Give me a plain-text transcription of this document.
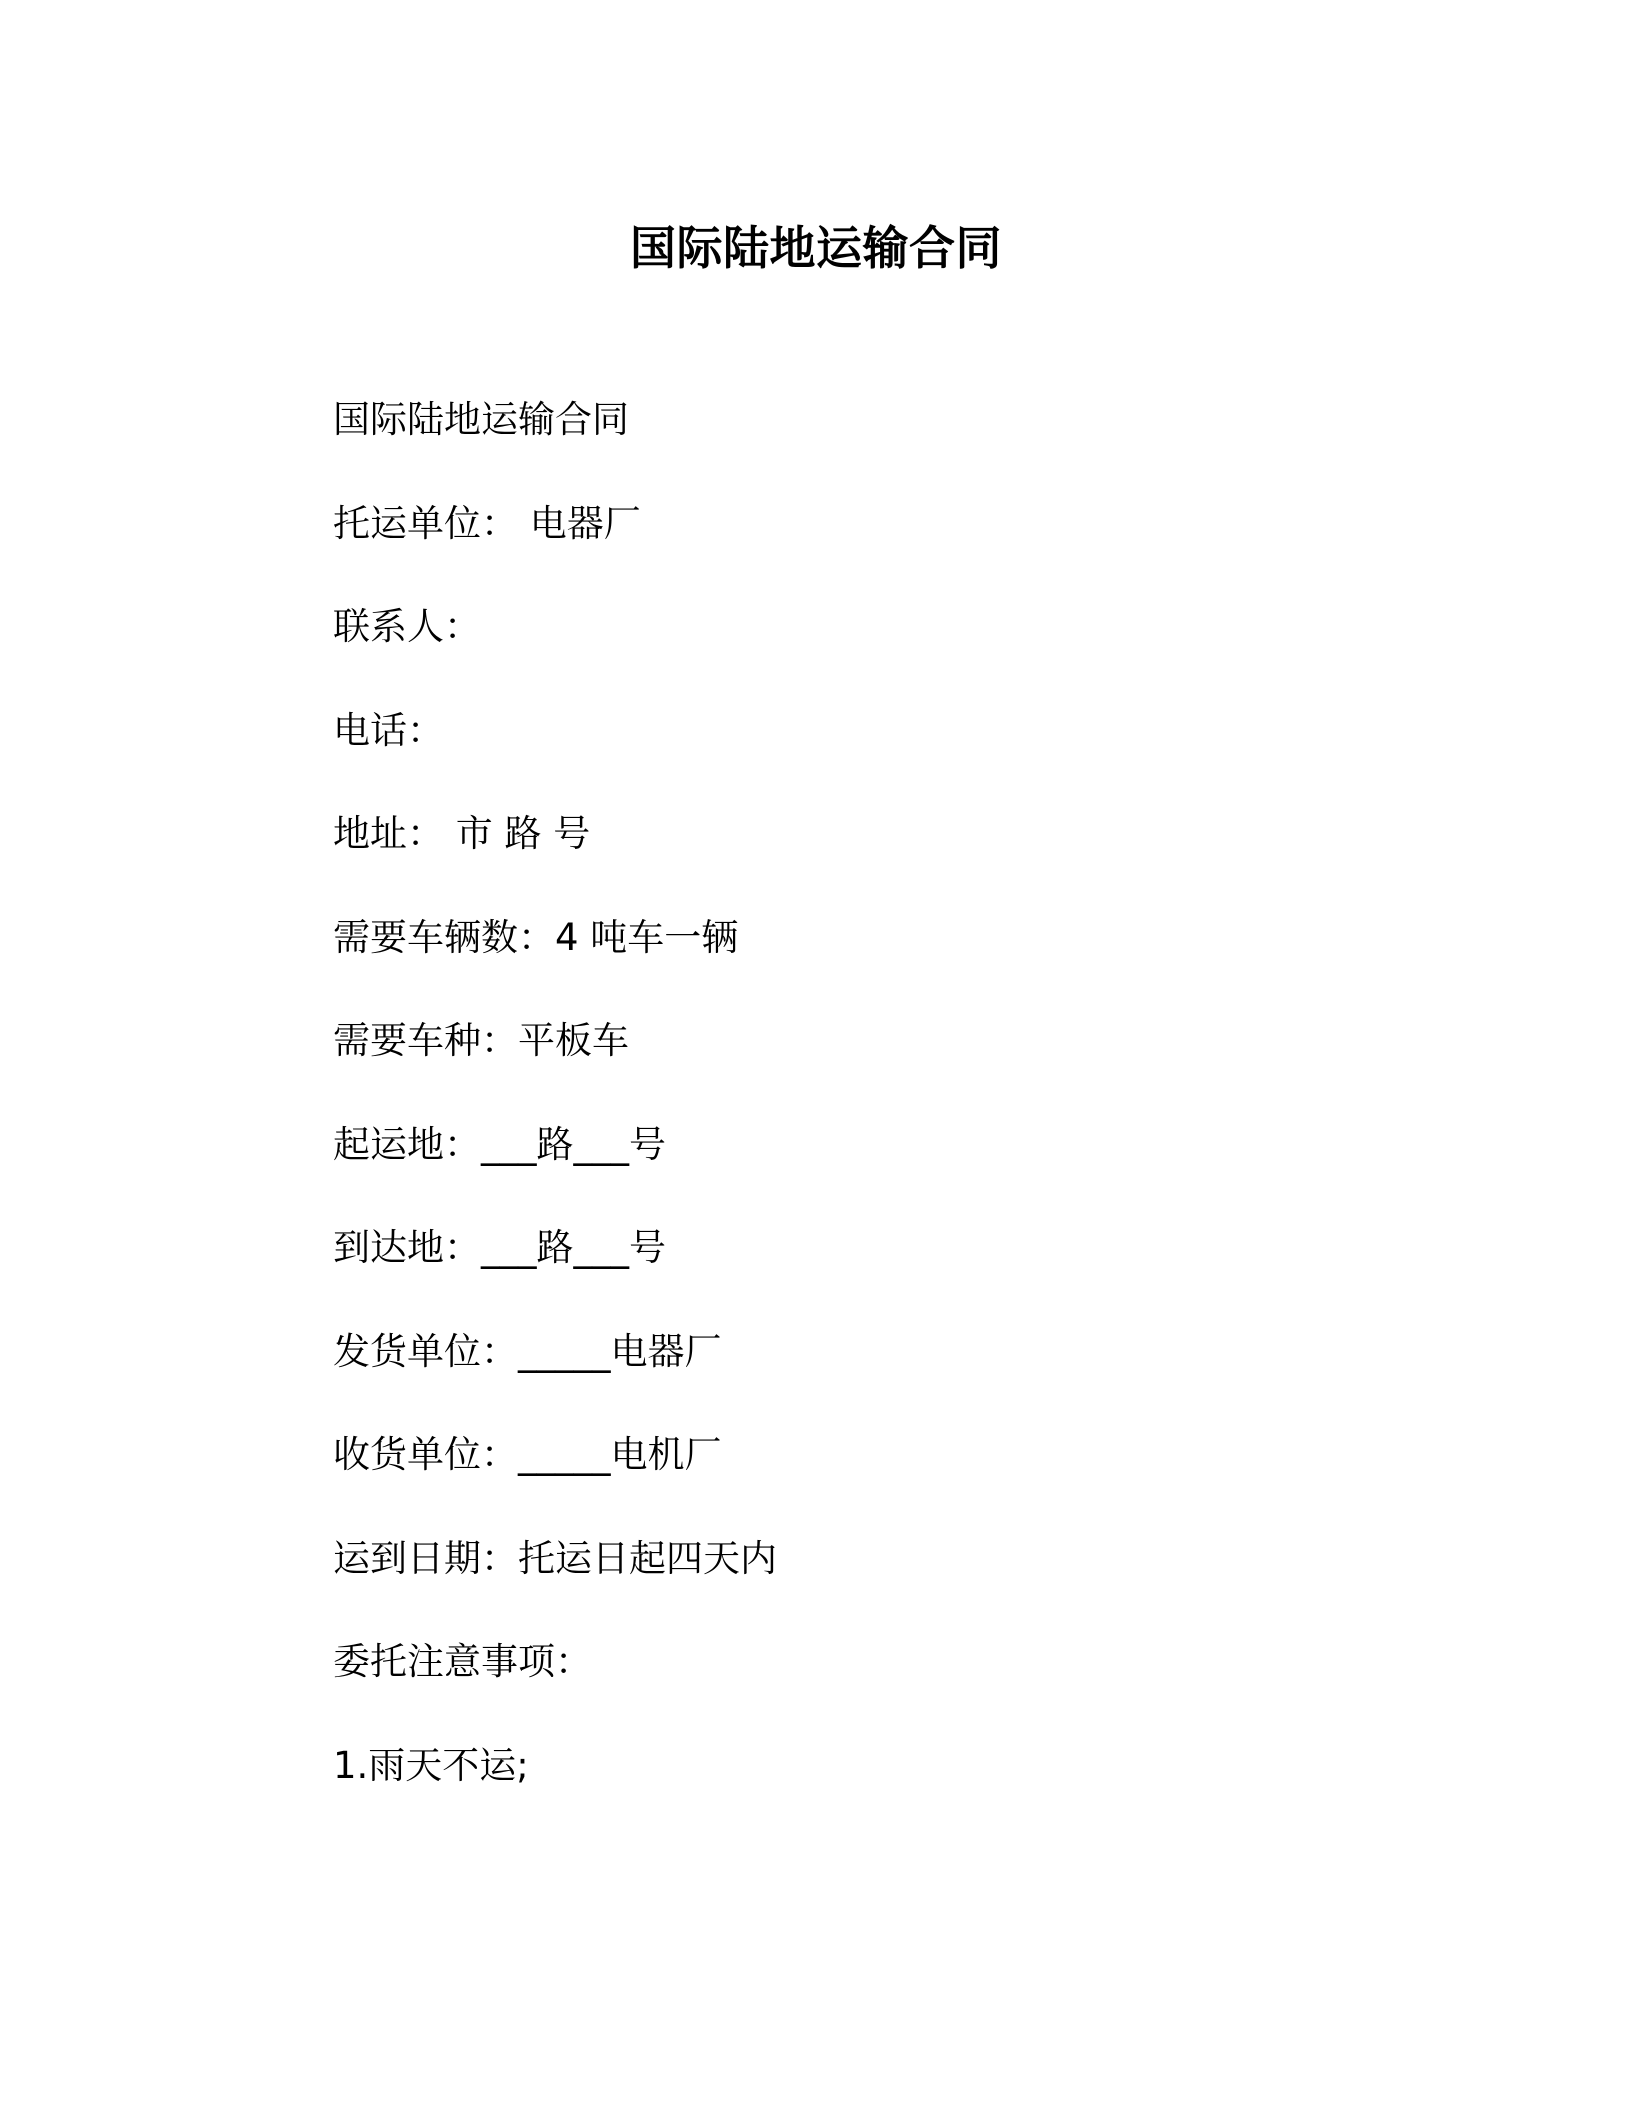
国际陆地运输合同
国际陆地运输合同
托运单位： 电器厂
联系人：
电话：
地址： 市 路 号
需要车辆数：4 吨车一辆
需要车种：平板车
起运地：___路___号
到达地：___路___号
发货单位：_____电器厂
收货单位：_____电机厂
运到日期：托运日起四天内
委托注意事项：
1.雨天不运;
